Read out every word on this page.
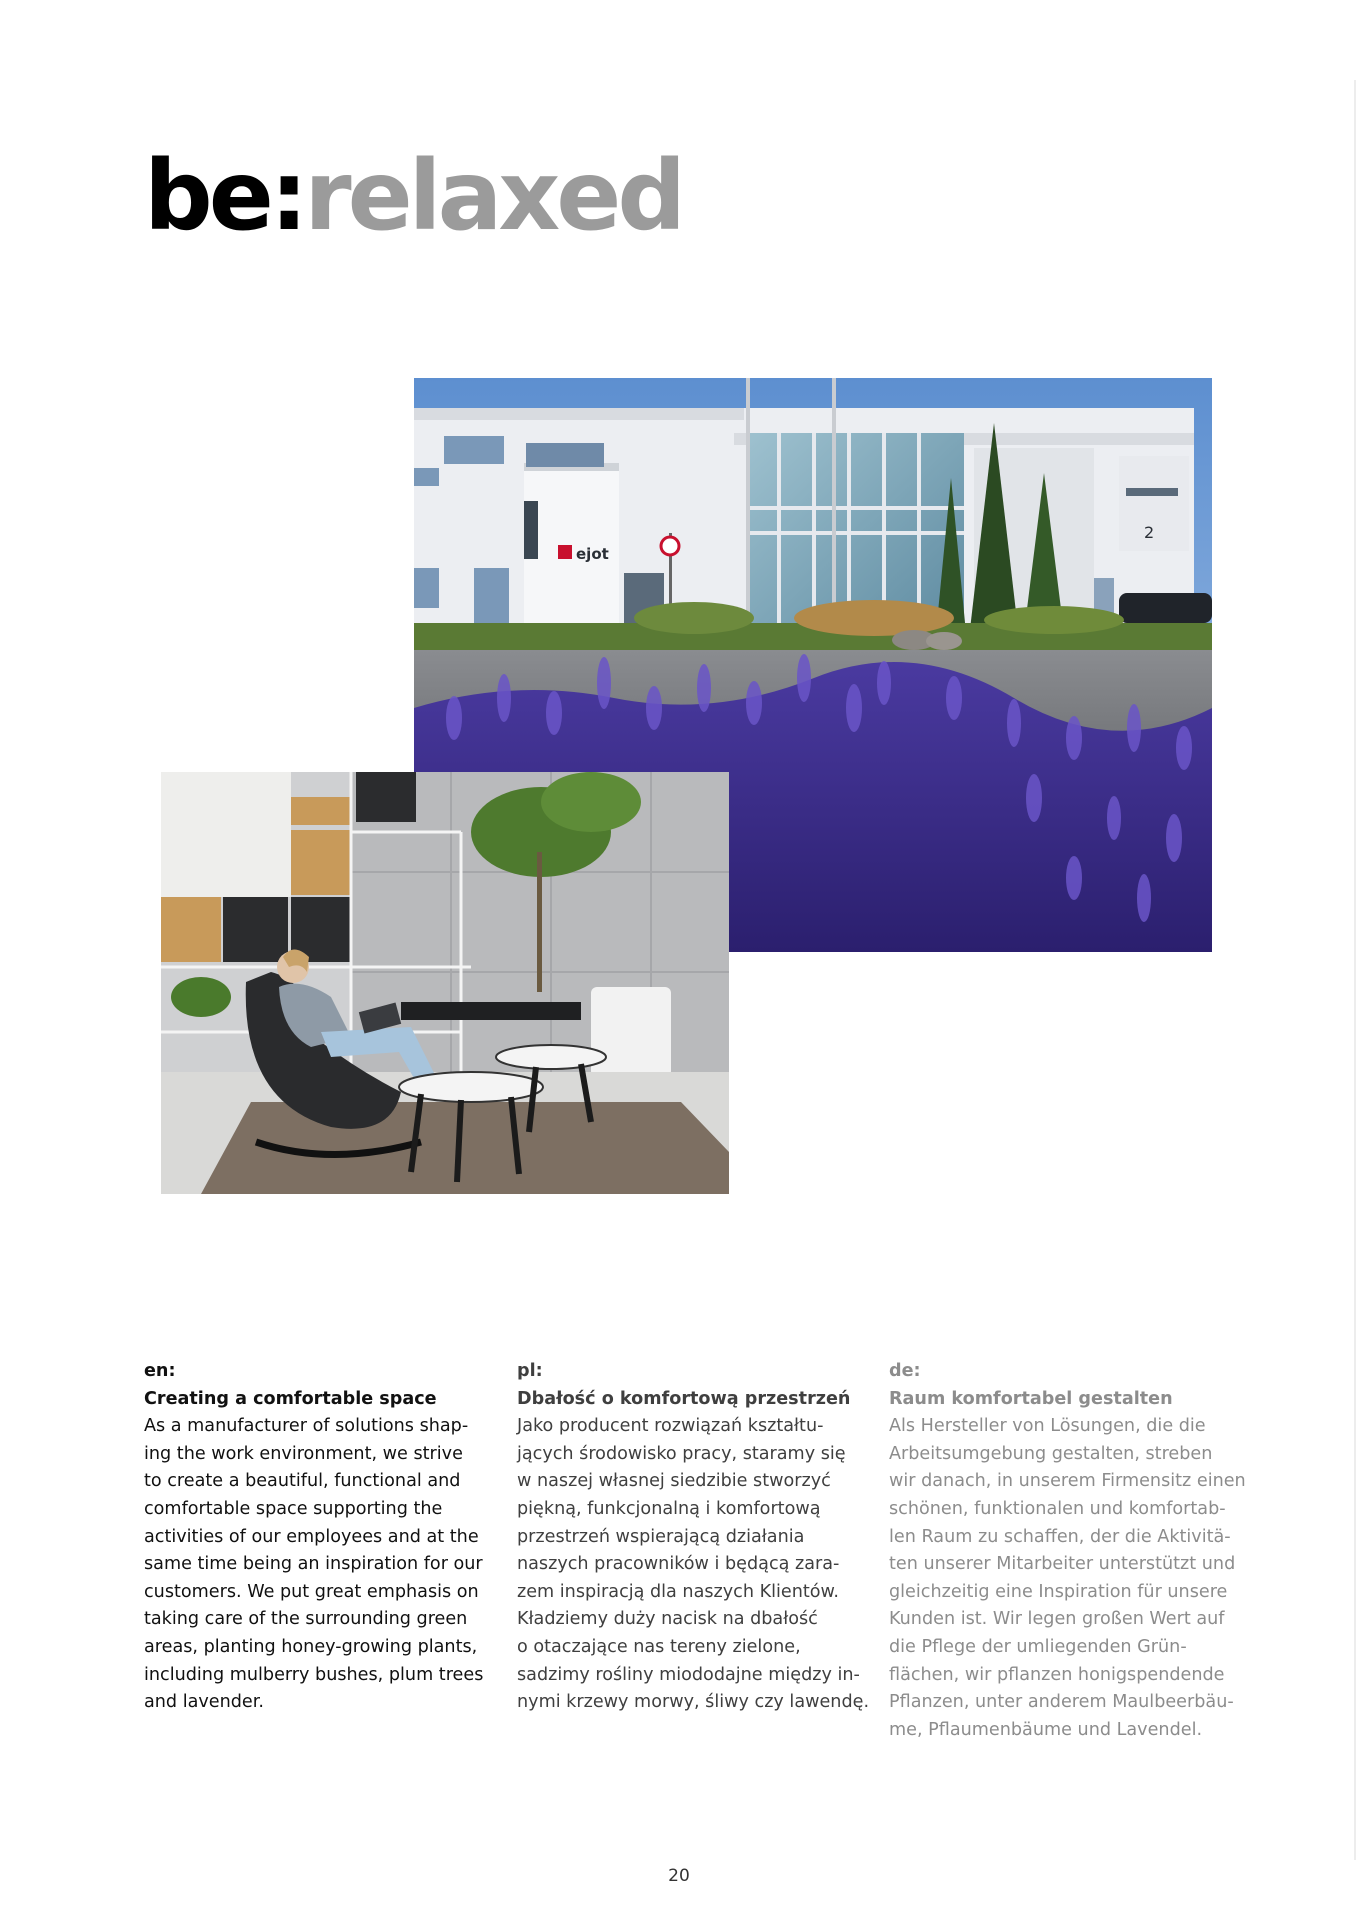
be:relaxed
2
ejot

en:

Creating a comfortable space

As a manufacturer of solutions shap-

ing the work environment, we strive

to create a beautiful, functional and

comfortable space supporting the

activities of our employees and at the

same time being an inspiration for our

customers. We put great emphasis on

taking care of the surrounding green

areas, planting honey-growing plants,

including mulberry bushes, plum trees

and lavender.

pl:

Dbałość o komfortową przestrzeń

Jako producent rozwiązań kształtu-

jących środowisko pracy, staramy się

w naszej własnej siedzibie stworzyć

piękną, funkcjonalną i komfortową

przestrzeń wspierającą działania

naszych pracowników i będącą zara-

zem inspiracją dla naszych Klientów.

Kładziemy duży nacisk na dbałość

o otaczające nas tereny zielone,

sadzimy rośliny miododajne między in-

nymi krzewy morwy, śliwy czy lawendę.

de:

Raum komfortabel gestalten

Als Hersteller von Lösungen, die die

Arbeitsumgebung gestalten, streben

wir danach, in unserem Firmensitz einen

schönen, funktionalen und komfortab-

len Raum zu schaffen, der die Aktivitä-

ten unserer Mitarbeiter unterstützt und

gleichzeitig eine Inspiration für unsere

Kunden ist. Wir legen großen Wert auf

die Pflege der umliegenden Grün-

flächen, wir pflanzen honigspendende

Pflanzen, unter anderem Maulbeerbäu-

me, Pflaumenbäume und Lavendel.

20
